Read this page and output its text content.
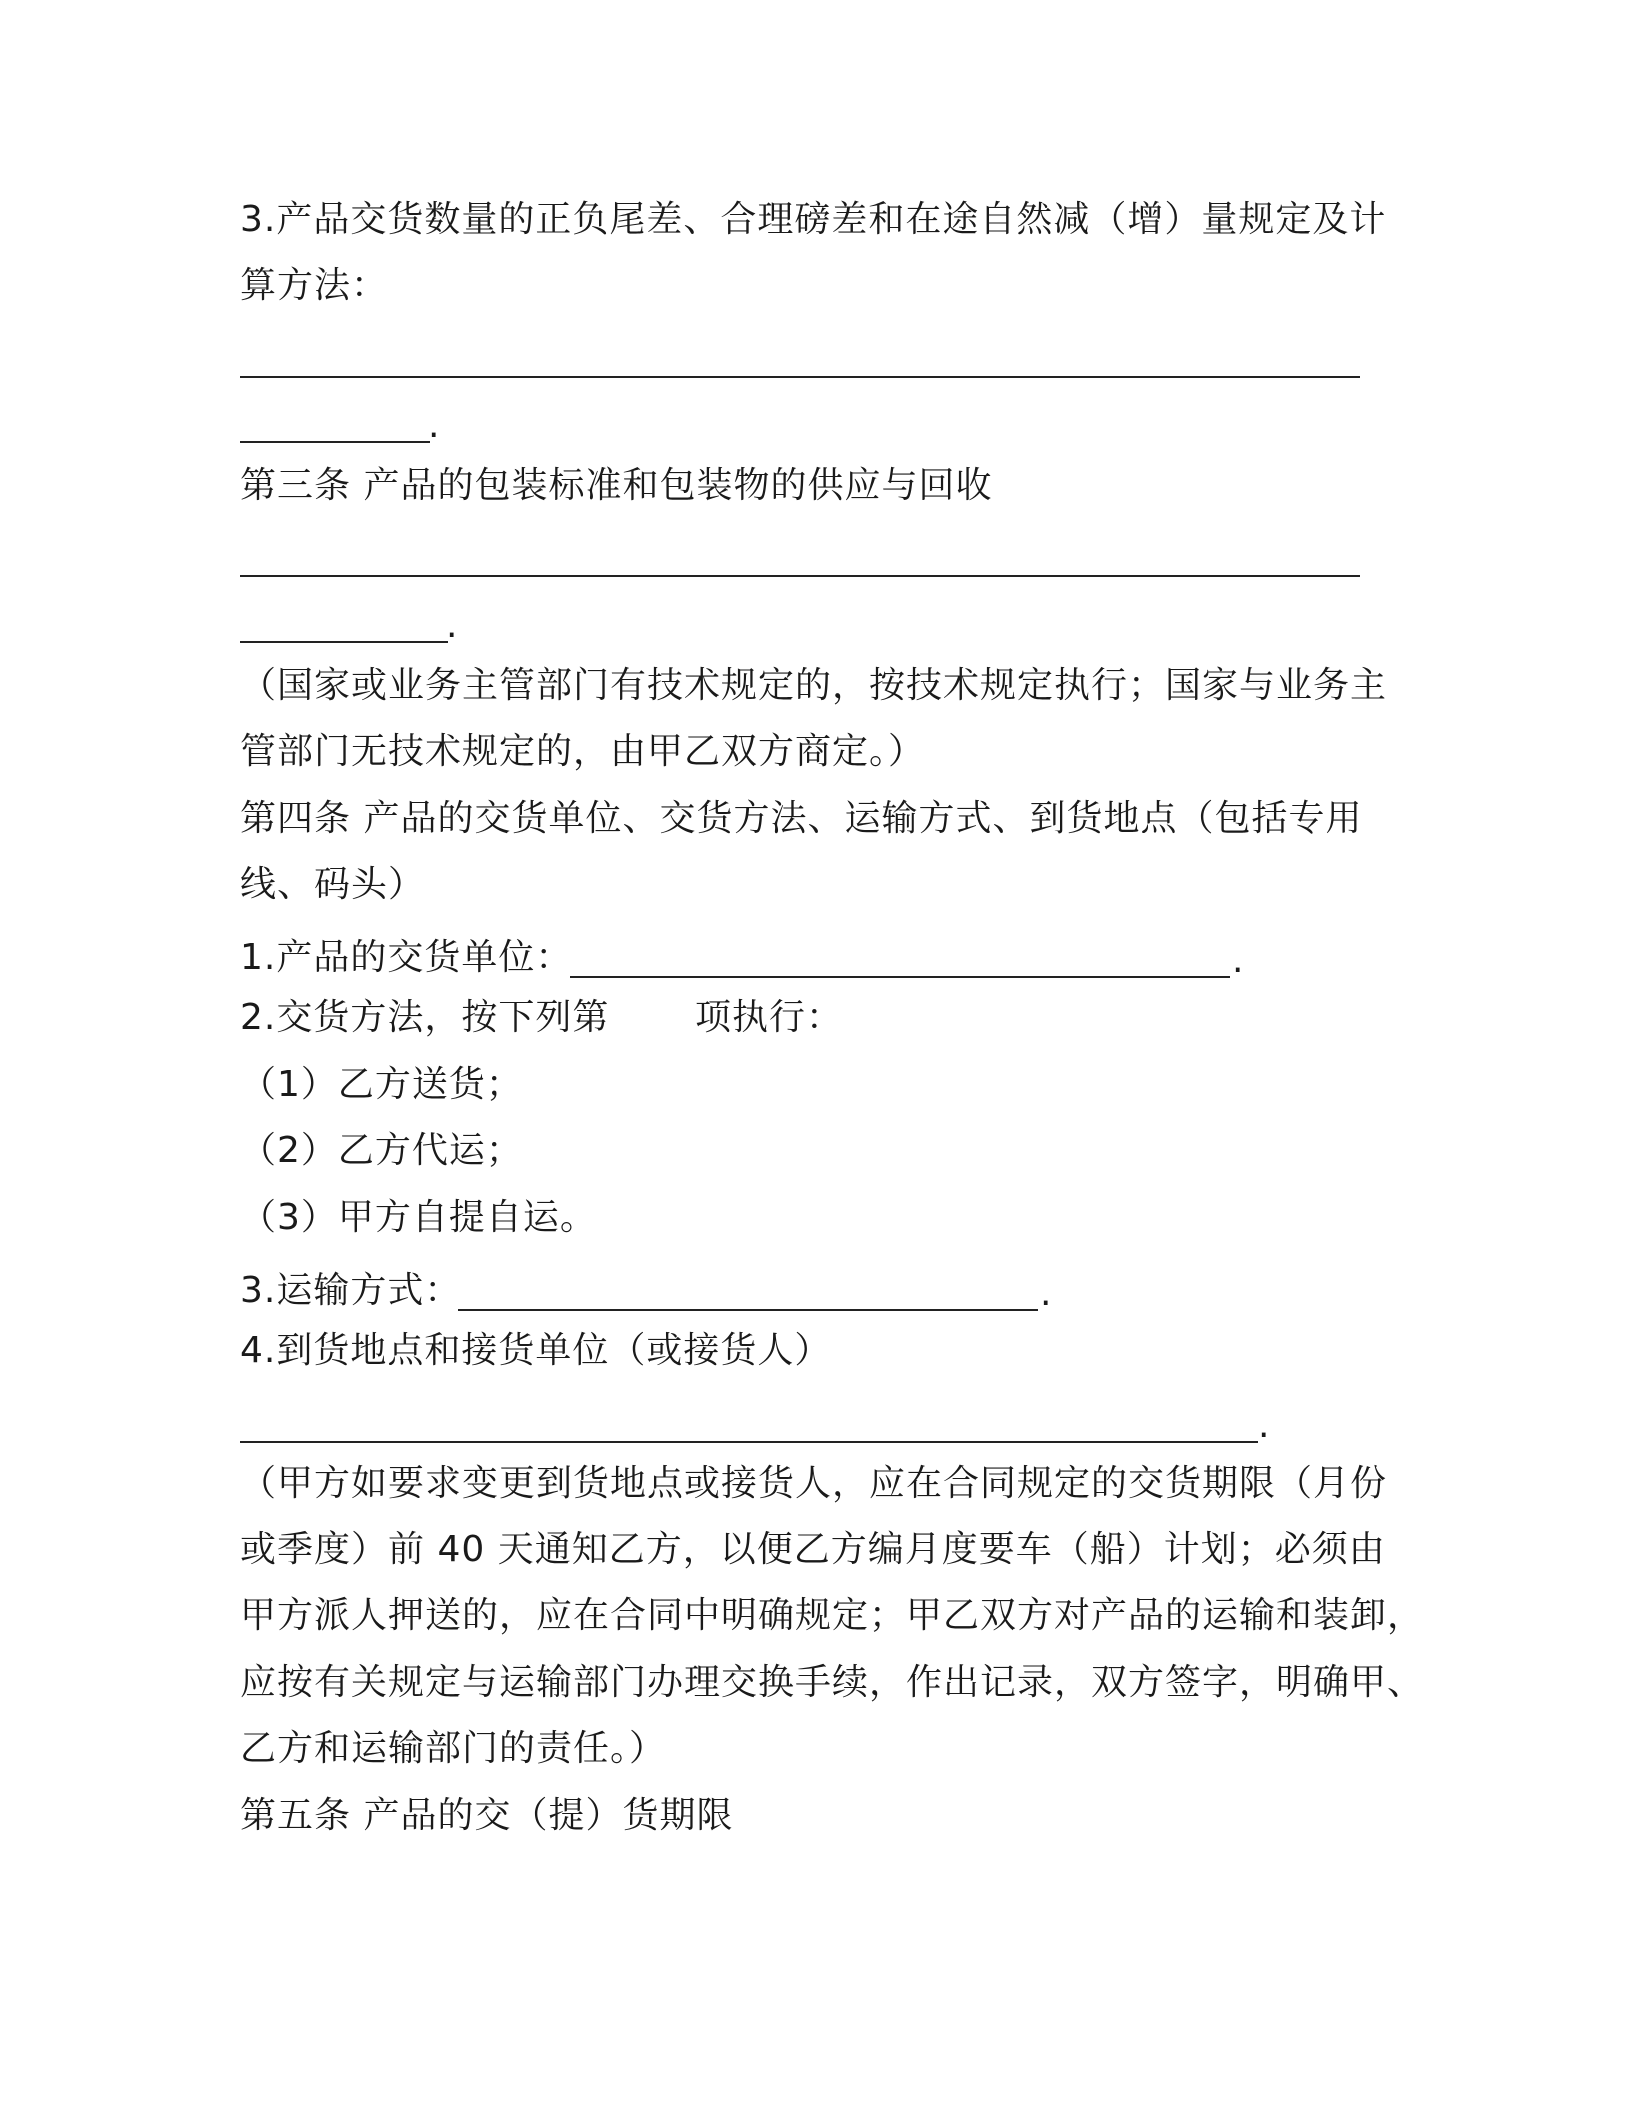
3.产品交货数量的正负尾差、合理磅差和在途自然减（增）量规定及计
算方法：
.
第三条 产品的包装标准和包装物的供应与回收
.
（国家或业务主管部门有技术规定的，按技术规定执行；国家与业务主
管部门无技术规定的，由甲乙双方商定。）
第四条 产品的交货单位、交货方法、运输方式、到货地点（包括专用
线、码头）
1.产品的交货单位：	.
2.交货方法，按下列第 项执行：
（1）乙方送货；
（2）乙方代运；
（3）甲方自提自运。
3.运输方式：	.
4.到货地点和接货单位（或接货人）
.
（甲方如要求变更到货地点或接货人，应在合同规定的交货期限（月份
或季度）前 40 天通知乙方，以便乙方编月度要车（船）计划；必须由
甲方派人押送的，应在合同中明确规定；甲乙双方对产品的运输和装卸，
应按有关规定与运输部门办理交换手续，作出记录，双方签字，明确甲、
乙方和运输部门的责任。）
第五条 产品的交（提）货期限
